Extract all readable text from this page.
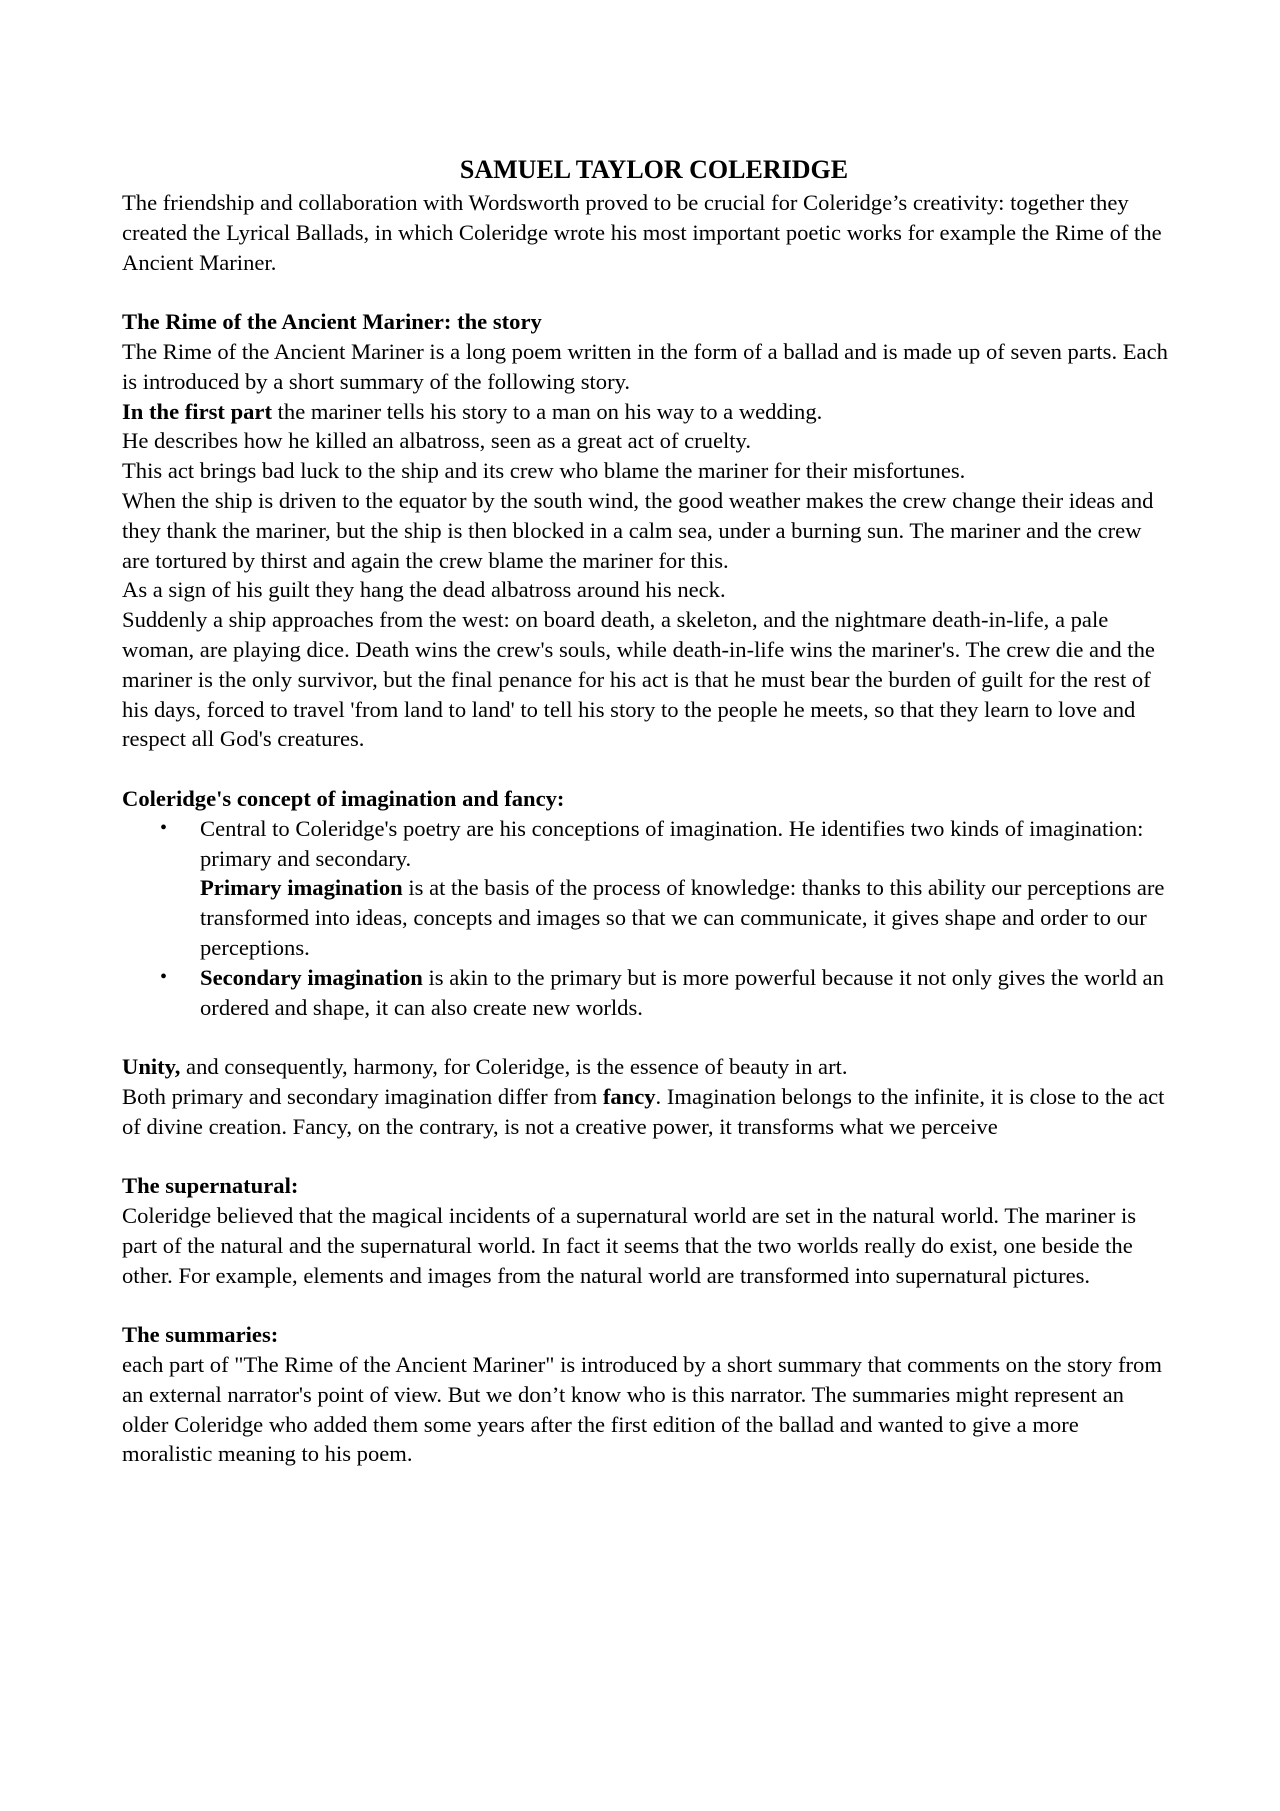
SAMUEL TAYLOR COLERIDGE

The friendship and collaboration with Wordsworth proved to be crucial for Coleridge’s creativity: together they created the Lyrical Ballads, in which Coleridge wrote his most important poetic works for example the Rime of the Ancient Mariner.

The Rime of the Ancient Mariner: the story

The Rime of the Ancient Mariner is a long poem written in the form of a ballad and is made up of seven parts. Each is introduced by a short summary of the following story.

In the first part the mariner tells his story to a man on his way to a wedding.

He describes how he killed an albatross, seen as a great act of cruelty.

This act brings bad luck to the ship and its crew who blame the mariner for their misfortunes.

When the ship is driven to the equator by the south wind, the good weather makes the crew change their ideas and they thank the mariner, but the ship is then blocked in a calm sea, under a burning sun. The mariner and the crew are tortured by thirst and again the crew blame the mariner for this.

As a sign of his guilt they hang the dead albatross around his neck.

Suddenly a ship approaches from the west: on board death, a skeleton, and the nightmare death-in-life, a pale woman, are playing dice. Death wins the crew's souls, while death-in-life wins the mariner's. The crew die and the mariner is the only survivor, but the final penance for his act is that he must bear the burden of guilt for the rest of his days, forced to travel 'from land to land' to tell his story to the people he meets, so that they learn to love and respect all God's creatures.

Coleridge's concept of imagination and fancy:

• Central to Coleridge's poetry are his conceptions of imagination. He identifies two kinds of imagination: primary and secondary.
Primary imagination is at the basis of the process of knowledge: thanks to this ability our perceptions are transformed into ideas, concepts and images so that we can communicate, it gives shape and order to our perceptions.
• Secondary imagination is akin to the primary but is more powerful because it not only gives the world an ordered and shape, it can also create new worlds.

Unity, and consequently, harmony, for Coleridge, is the essence of beauty in art.

Both primary and secondary imagination differ from fancy. Imagination belongs to the infinite, it is close to the act of divine creation. Fancy, on the contrary, is not a creative power, it transforms what we perceive

The supernatural:

Coleridge believed that the magical incidents of a supernatural world are set in the natural world. The mariner is part of the natural and the supernatural world. In fact it seems that the two worlds really do exist, one beside the other. For example, elements and images from the natural world are transformed into supernatural pictures.

The summaries:

each part of "The Rime of the Ancient Mariner" is introduced by a short summary that comments on the story from an external narrator's point of view. But we don’t know who is this narrator. The summaries might represent an older Coleridge who added them some years after the first edition of the ballad and wanted to give a more moralistic meaning to his poem.
